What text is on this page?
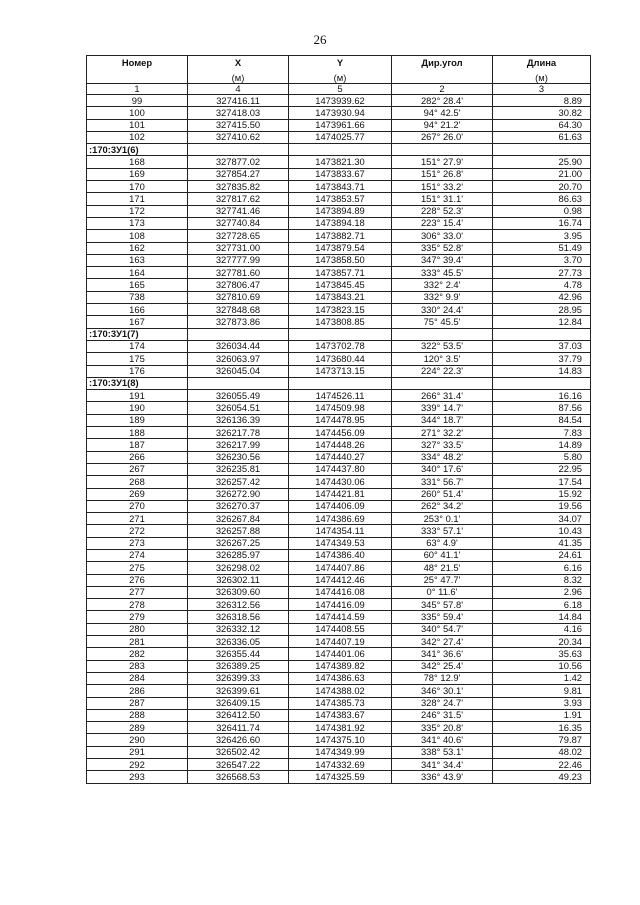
26
Номер	X	Y	Дир.угол	Длина
	(м)	(м)		(м)
1	4	5	2	3
99	327416.11	1473939.62	282° 28.4'	8.89
100	327418.03	1473930.94	94° 42.5'	30.82
101	327415.50	1473961.66	94° 21.2'	64.30
102	327410.62	1474025.77	267° 26.0'	61.63
:170:3У1(6)				
168	327877.02	1473821.30	151° 27.9'	25.90
169	327854.27	1473833.67	151° 26.8'	21.00
170	327835.82	1473843.71	151° 33.2'	20.70
171	327817.62	1473853.57	151° 31.1'	86.63
172	327741.46	1473894.89	228° 52.3'	0.98
173	327740.84	1473894.18	223° 15.4'	16.74
108	327728.65	1473882.71	306° 33.0'	3.95
162	327731.00	1473879.54	335° 52.8'	51.49
163	327777.99	1473858.50	347° 39.4'	3.70
164	327781.60	1473857.71	333° 45.5'	27.73
165	327806.47	1473845.45	332° 2.4'	4.78
738	327810.69	1473843.21	332° 9.9'	42.96
166	327848.68	1473823.15	330° 24.4'	28.95
167	327873.86	1473808.85	75° 45.5'	12.84
:170:3У1(7)				
174	326034.44	1473702.78	322° 53.5'	37.03
175	326063.97	1473680.44	120° 3.5'	37.79
176	326045.04	1473713.15	224° 22.3'	14.83
:170:3У1(8)				
191	326055.49	1474526.11	266° 31.4'	16.16
190	326054.51	1474509.98	339° 14.7'	87.56
189	326136.39	1474478.95	344° 18.7'	84.54
188	326217.78	1474456.09	271° 32.2'	7.83
187	326217.99	1474448.26	327° 33.5'	14.89
266	326230.56	1474440.27	334° 48.2'	5.80
267	326235.81	1474437.80	340° 17.6'	22.95
268	326257.42	1474430.06	331° 56.7'	17.54
269	326272.90	1474421.81	260° 51.4'	15.92
270	326270.37	1474406.09	262° 34.2'	19.56
271	326267.84	1474386.69	253° 0.1'	34.07
272	326257.88	1474354.11	333° 57.1'	10.43
273	326267.25	1474349.53	63° 4.9'	41.35
274	326285.97	1474386.40	60° 41.1'	24.61
275	326298.02	1474407.86	48° 21.5'	6.16
276	326302.11	1474412.46	25° 47.7'	8.32
277	326309.60	1474416.08	0° 11.6'	2.96
278	326312.56	1474416.09	345° 57.8'	6.18
279	326318.56	1474414.59	335° 59.4'	14.84
280	326332.12	1474408.55	340° 54.7'	4.16
281	326336.05	1474407.19	342° 27.4'	20.34
282	326355.44	1474401.06	341° 36.6'	35.63
283	326389.25	1474389.82	342° 25.4'	10.56
284	326399.33	1474386.63	78° 12.9'	1.42
286	326399.61	1474388.02	346° 30.1'	9.81
287	326409.15	1474385.73	328° 24.7'	3.93
288	326412.50	1474383.67	246° 31.5'	1.91
289	326411.74	1474381.92	335° 20.8'	16.35
290	326426.60	1474375.10	341° 40.6'	79.87
291	326502.42	1474349.99	338° 53.1'	48.02
292	326547.22	1474332.69	341° 34.4'	22.46
293	326568.53	1474325.59	336° 43.9'	49.23
